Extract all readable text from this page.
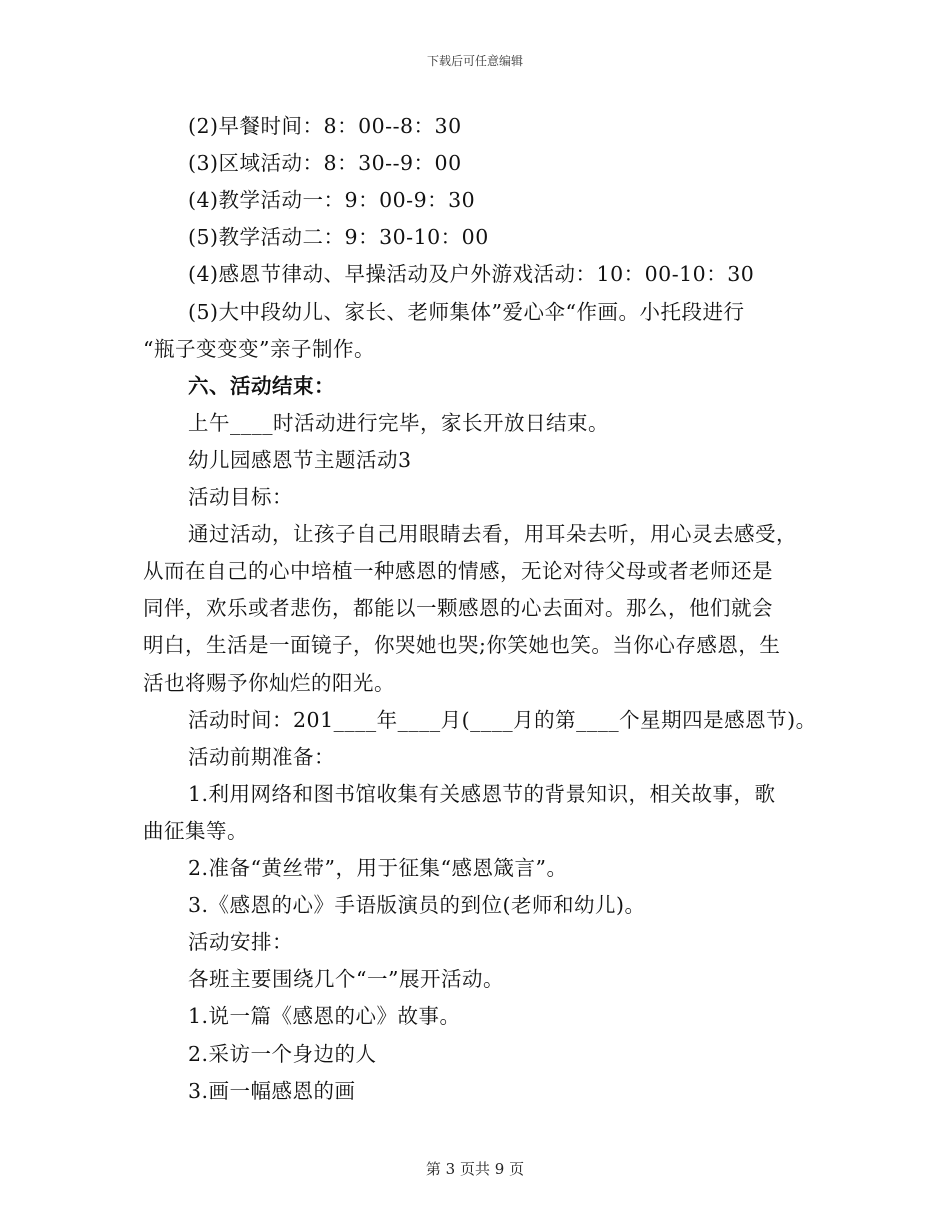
下载后可任意编辑
(2)早餐时间：8：00--8：30
(3)区域活动：8：30--9：00
(4)教学活动一：9：00-9：30
(5)教学活动二：9：30-10：00
(4)感恩节律动、早操活动及户外游戏活动：10：00-10：30
(5)大中段幼儿、家长、老师集体”爱心伞“作画。小托段进行
“瓶子变变变”亲子制作。
六、活动结束：
上午____时活动进行完毕，家长开放日结束。
幼儿园感恩节主题活动3
活动目标：
通过活动，让孩子自己用眼睛去看，用耳朵去听，用心灵去感受，
从而在自己的心中培植一种感恩的情感，无论对待父母或者老师还是
同伴，欢乐或者悲伤，都能以一颗感恩的心去面对。那么，他们就会
明白，生活是一面镜子，你哭她也哭;你笑她也笑。当你心存感恩，生
活也将赐予你灿烂的阳光。
活动时间：201____年____月(____月的第____个星期四是感恩节)。
活动前期准备：
1.利用网络和图书馆收集有关感恩节的背景知识，相关故事，歌
曲征集等。
2.准备“黄丝带”，用于征集“感恩箴言”。
3.《感恩的心》手语版演员的到位(老师和幼儿)。
活动安排：
各班主要围绕几个“一”展开活动。
1.说一篇《感恩的心》故事。
2.采访一个身边的人
3.画一幅感恩的画
第 3 页共 9 页
